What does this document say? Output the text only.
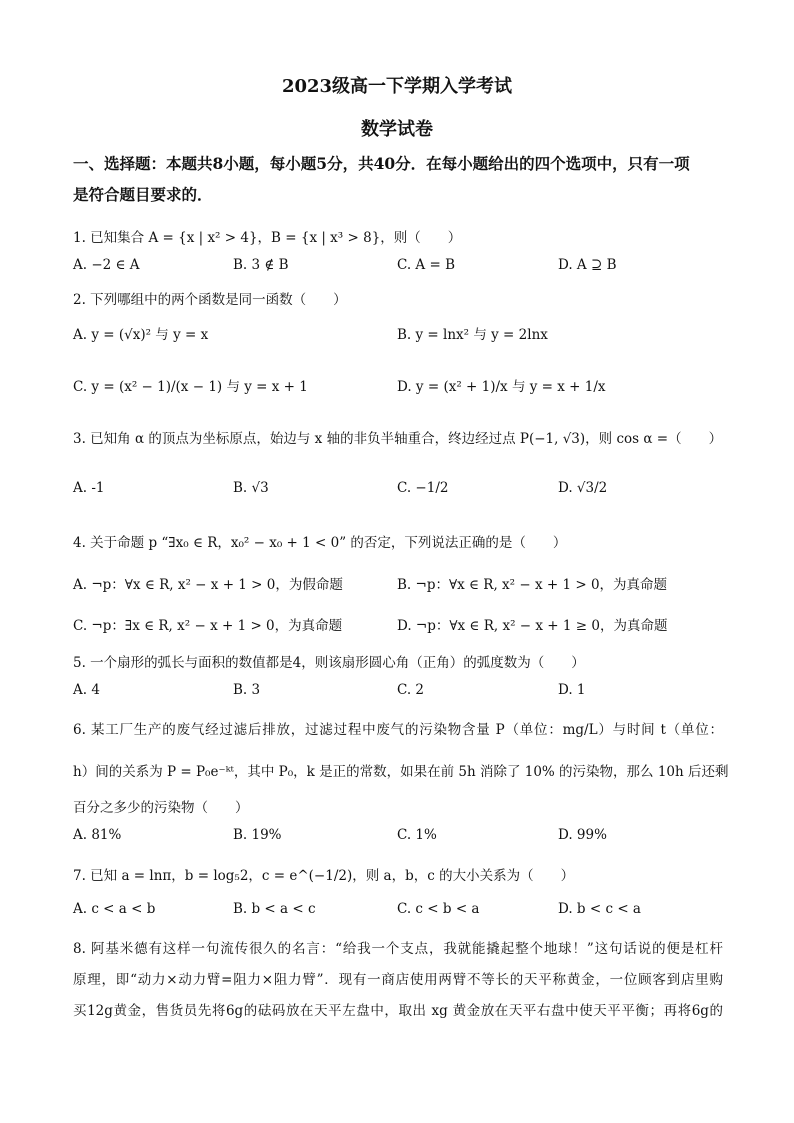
2023级高一下学期入学考试
数学试卷
一、选择题：本题共8小题，每小题5分，共40分．在每小题给出的四个选项中，只有一项
是符合题目要求的．
1. 已知集合 A = {x | x² > 4}，B = {x | x³ > 8}，则（　　）
A. −2 ∈ A	B. 3 ∉ B	C. A = B	D. A ⊇ B
2. 下列哪组中的两个函数是同一函数（　　）
A. y = (√x)² 与 y = x	B. y = lnx² 与 y = 2lnx
C. y = (x² − 1)/(x − 1) 与 y = x + 1	D. y = (x² + 1)/x 与 y = x + 1/x
3. 已知角 α 的顶点为坐标原点，始边与 x 轴的非负半轴重合，终边经过点 P(−1, √3)，则 cos α =（　　）
A. -1	B. √3	C. −1/2	D. √3/2
4. 关于命题 p “∃x₀ ∈ R，x₀² − x₀ + 1 < 0” 的否定，下列说法正确的是（　　）
A. ¬p：∀x ∈ R, x² − x + 1 > 0，为假命题	B. ¬p：∀x ∈ R, x² − x + 1 > 0，为真命题
C. ¬p：∃x ∈ R, x² − x + 1 > 0，为真命题	D. ¬p：∀x ∈ R, x² − x + 1 ≥ 0，为真命题
5. 一个扇形的弧长与面积的数值都是4，则该扇形圆心角（正角）的弧度数为（　　）
A. 4	B. 3	C. 2	D. 1
6. 某工厂生产的废气经过滤后排放，过滤过程中废气的污染物含量 P（单位：mg/L）与时间 t（单位：
h）间的关系为 P = P₀e⁻ᵏᵗ，其中 P₀，k 是正的常数，如果在前 5h 消除了 10% 的污染物，那么 10h 后还剩
百分之多少的污染物（　　）
A. 81%	B. 19%	C. 1%	D. 99%
7. 已知 a = lnπ，b = log₅2，c = e^(−1/2)，则 a，b，c 的大小关系为（　　）
A. c < a < b	B. b < a < c	C. c < b < a	D. b < c < a
8. 阿基米德有这样一句流传很久的名言：“给我一个支点，我就能撬起整个地球！”这句话说的便是杠杆
原理，即“动力×动力臂=阻力×阻力臂”．现有一商店使用两臂不等长的天平称黄金，一位顾客到店里购
买12g黄金，售货员先将6g的砝码放在天平左盘中，取出 xg 黄金放在天平右盘中使天平平衡；再将6g的
